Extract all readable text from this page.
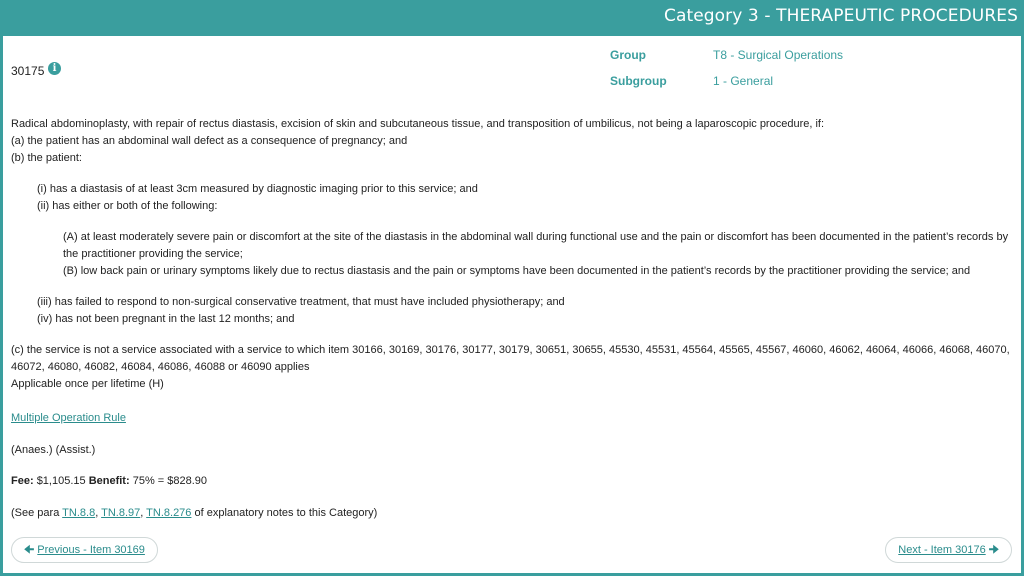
Category 3 - THERAPEUTIC PROCEDURES
30175 i
Group	T8 - Surgical Operations
Subgroup	1 - General

Radical abdominoplasty, with repair of rectus diastasis, excision of skin and subcutaneous tissue, and transposition of umbilicus, not being a laparoscopic procedure, if:

(a) the patient has an abdominal wall defect as a consequence of pregnancy; and

(b) the patient:

(i) has a diastasis of at least 3cm measured by diagnostic imaging prior to this service; and

(ii) has either or both of the following:

(A) at least moderately severe pain or discomfort at the site of the diastasis in the abdominal wall during functional use and the pain or discomfort has been documented in the patient’s records by the practitioner providing the service;

(B) low back pain or urinary symptoms likely due to rectus diastasis and the pain or symptoms have been documented in the patient’s records by the practitioner providing the service; and

(iii) has failed to respond to non-surgical conservative treatment, that must have included physiotherapy; and

(iv) has not been pregnant in the last 12 months; and

(c) the service is not a service associated with a service to which item 30166, 30169, 30176, 30177, 30179, 30651, 30655, 45530, 45531, 45564, 45565, 45567, 46060, 46062, 46064, 46066, 46068, 46070, 46072, 46080, 46082, 46084, 46086, 46088 or 46090 applies

Applicable once per lifetime (H)

Multiple Operation Rule
(Anaes.) (Assist.)
Fee: $1,105.15 Benefit: 75% = $828.90
(See para TN.8.8, TN.8.97, TN.8.276 of explanatory notes to this Category)
🠈 Previous - Item 30169	Next - Item 30176 🠊
